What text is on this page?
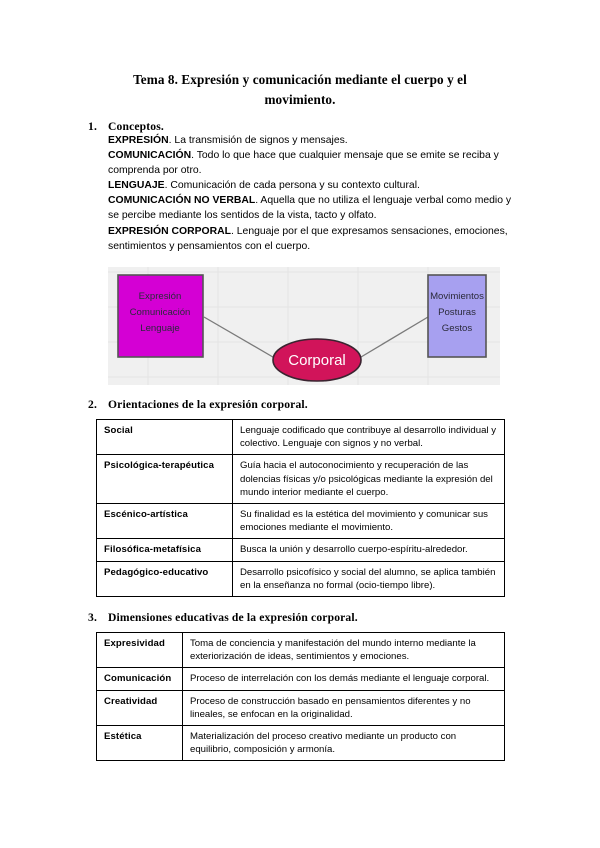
Tema 8. Expresión y comunicación mediante el cuerpo y el movimiento.
1. Conceptos.

EXPRESIÓN. La transmisión de signos y mensajes.

COMUNICACIÓN. Todo lo que hace que cualquier mensaje que se emite se reciba y comprenda por otro.

LENGUAJE. Comunicación de cada persona y su contexto cultural.

COMUNICACIÓN NO VERBAL. Aquella que no utiliza el lenguaje verbal como medio y se percibe mediante los sentidos de la vista, tacto y olfato.

EXPRESIÓN CORPORAL. Lenguaje por el que expresamos sensaciones, emociones, sentimientos y pensamientos con el cuerpo.

Expresión
Comunicación
Lenguaje
Movimientos
Posturas
Gestos
Corporal
2. Orientaciones de la expresión corporal.
Social	Lenguaje codificado que contribuye al desarrollo individual y colectivo. Lenguaje con signos y no verbal.
Psicológica-terapéutica	Guía hacia el autoconocimiento y recuperación de las dolencias físicas y/o psicológicas mediante la expresión del mundo interior mediante el cuerpo.
Escénico-artística	Su finalidad es la estética del movimiento y comunicar sus emociones mediante el movimiento.
Filosófica-metafísica	Busca la unión y desarrollo cuerpo-espíritu-alrededor.
Pedagógico-educativo	Desarrollo psicofísico y social del alumno, se aplica también en la enseñanza no formal (ocio-tiempo libre).
3. Dimensiones educativas de la expresión corporal.
Expresividad	Toma de conciencia y manifestación del mundo interno mediante la exteriorización de ideas, sentimientos y emociones.
Comunicación	Proceso de interrelación con los demás mediante el lenguaje corporal.
Creatividad	Proceso de construcción basado en pensamientos diferentes y no lineales, se enfocan en la originalidad.
Estética	Materialización del proceso creativo mediante un producto con equilibrio, composición y armonía.
